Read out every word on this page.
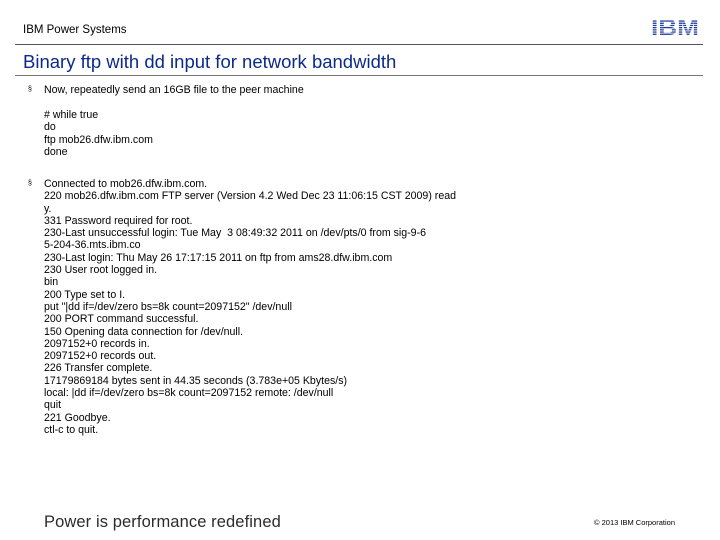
IBM Power Systems	IBM
Binary ftp with dd input for network bandwidth
§ Now, repeatedly send an 16GB file to the peer machine
# while true
do
ftp mob26.dfw.ibm.com
done
§ Connected to mob26.dfw.ibm.com.
220 mob26.dfw.ibm.com FTP server (Version 4.2 Wed Dec 23 11:06:15 CST 2009) read
y.
331 Password required for root.
230-Last unsuccessful login: Tue May  3 08:49:32 2011 on /dev/pts/0 from sig-9-6
5-204-36.mts.ibm.co
230-Last login: Thu May 26 17:17:15 2011 on ftp from ams28.dfw.ibm.com
230 User root logged in.
bin
200 Type set to I.
put "|dd if=/dev/zero bs=8k count=2097152" /dev/null
200 PORT command successful.
150 Opening data connection for /dev/null.
2097152+0 records in.
2097152+0 records out.
226 Transfer complete.
17179869184 bytes sent in 44.35 seconds (3.783e+05 Kbytes/s)
local: |dd if=/dev/zero bs=8k count=2097152 remote: /dev/null
quit
221 Goodbye.
ctl-c to quit.
Power is performance redefined	© 2013 IBM Corporation
